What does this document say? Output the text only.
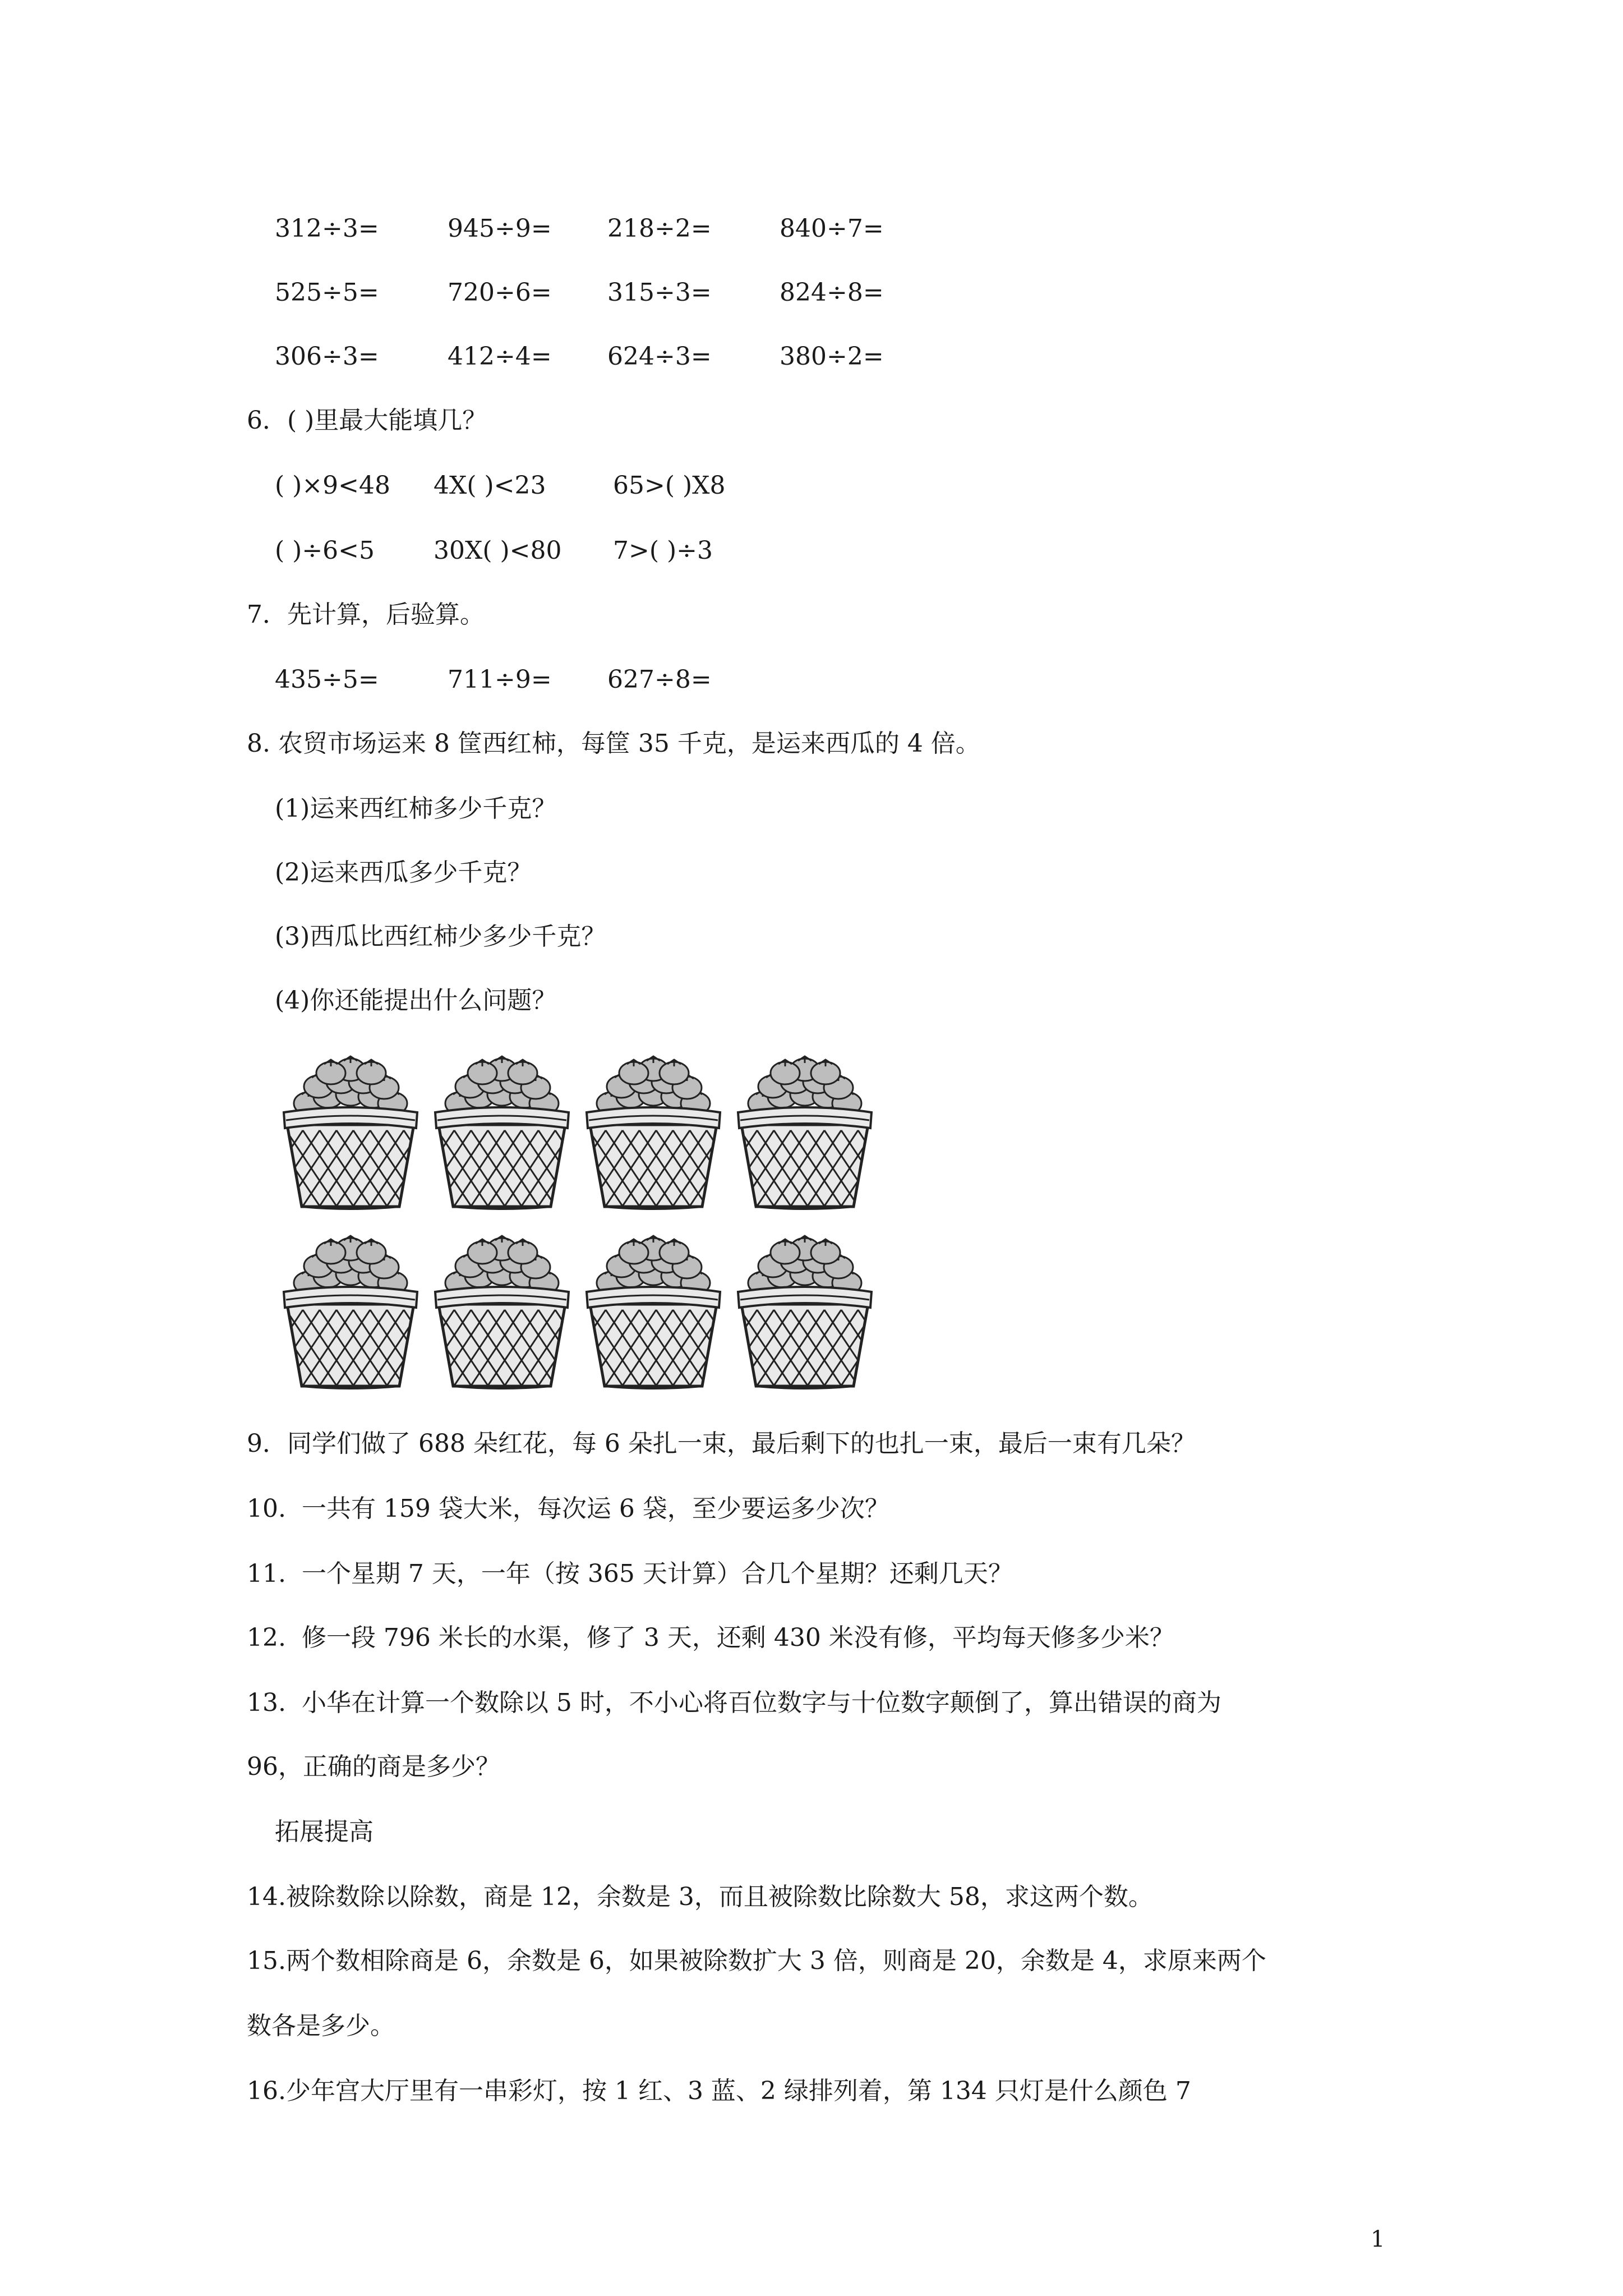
312÷3=	945÷9= 218÷2=	840÷7=
525÷5=	720÷6= 315÷3=	824÷8=
306÷3=	412÷4= 624÷3=	380÷2=
6．( )里最大能填几？
( )×9<48 4X( )<23	65>( )X8
( )÷6<5 30X( )<80 7>( )÷3
7．先计算，后验算。
435÷5=	711÷9= 627÷8=
8. 农贸市场运来 8 筐西红柿，每筐 35 千克，是运来西瓜的 4 倍。
(1)运来西红柿多少千克？
(2)运来西瓜多少千克？
(3)西瓜比西红柿少多少千克？
(4)你还能提出什么问题？
9．同学们做了 688 朵红花，每 6 朵扎一束，最后剩下的也扎一束，最后一束有几朵？
10.  一共有 159 袋大米，每次运 6 袋，至少要运多少次？
11.  一个星期 7 天，一年（按 365 天计算）合几个星期？还剩几天？
12.  修一段 796 米长的水渠，修了 3 天，还剩 430 米没有修，平均每天修多少米？
13.  小华在计算一个数除以 5 时，不小心将百位数字与十位数字颠倒了，算出错误的商为
96，正确的商是多少？
拓展提高
14.被除数除以除数，商是 12，余数是 3，而且被除数比除数大 58，求这两个数。
15.两个数相除商是 6，余数是 6，如果被除数扩大 3 倍，则商是 20，余数是 4，求原来两个
数各是多少。
16.少年宫大厅里有一串彩灯，按 1 红、3 蓝、2 绿排列着，第 134 只灯是什么颜色 7
1
